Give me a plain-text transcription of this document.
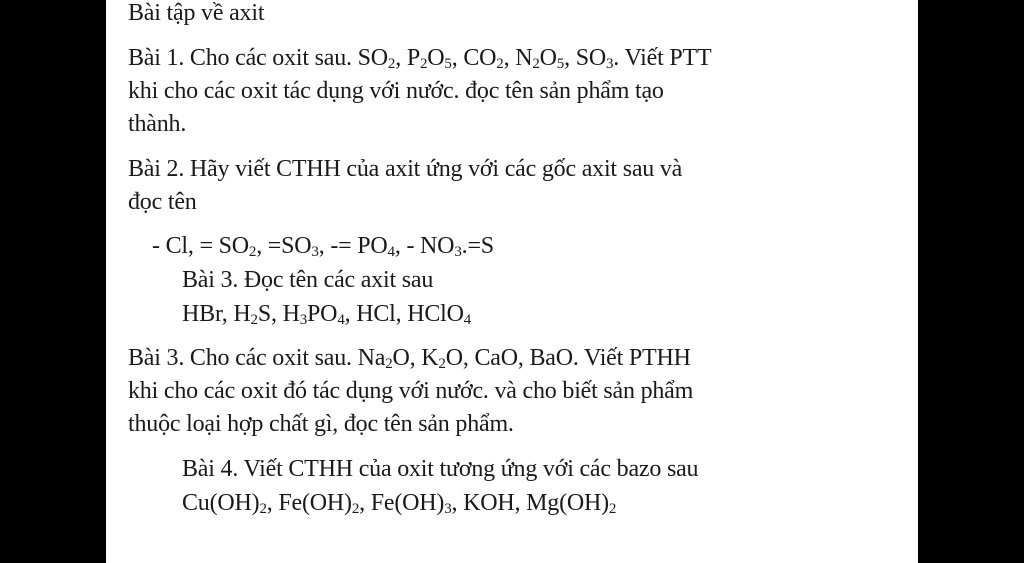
Bài tập về axit
Bài 1. Cho các oxit sau. $SO_2$, $P_2O_5$, $CO_2$, $N_2O_5$, $SO_3$. Viết PTT
khi cho các oxit tác dụng với nước. đọc tên sản phẩm tạo
thành.
Bài 2. Hãy viết CTHH của axit ứng với các gốc axit sau và
đọc tên
- Cl, = $SO_2$, $=SO_3$, -= $PO_4$, - $NO_3.=S$
Bài 3. Đọc tên các axit sau
HBr, $H_2S$, $H_3PO_4$, HCl, HClO$_4$
Bài 3. Cho các oxit sau. $Na_2O$, $K_2O$, CaO, BaO. Viết PTHH
khi cho các oxit đó tác dụng với nước. và cho biết sản phẩm
thuộc loại hợp chất gì, đọc tên sản phẩm.
Bài 4. Viết CTHH của oxit tương ứng với các bazo sau
$Cu(OH)_2$, $Fe(OH)_2$, $Fe(OH)_3$, KOH, $Mg(OH)_2$
